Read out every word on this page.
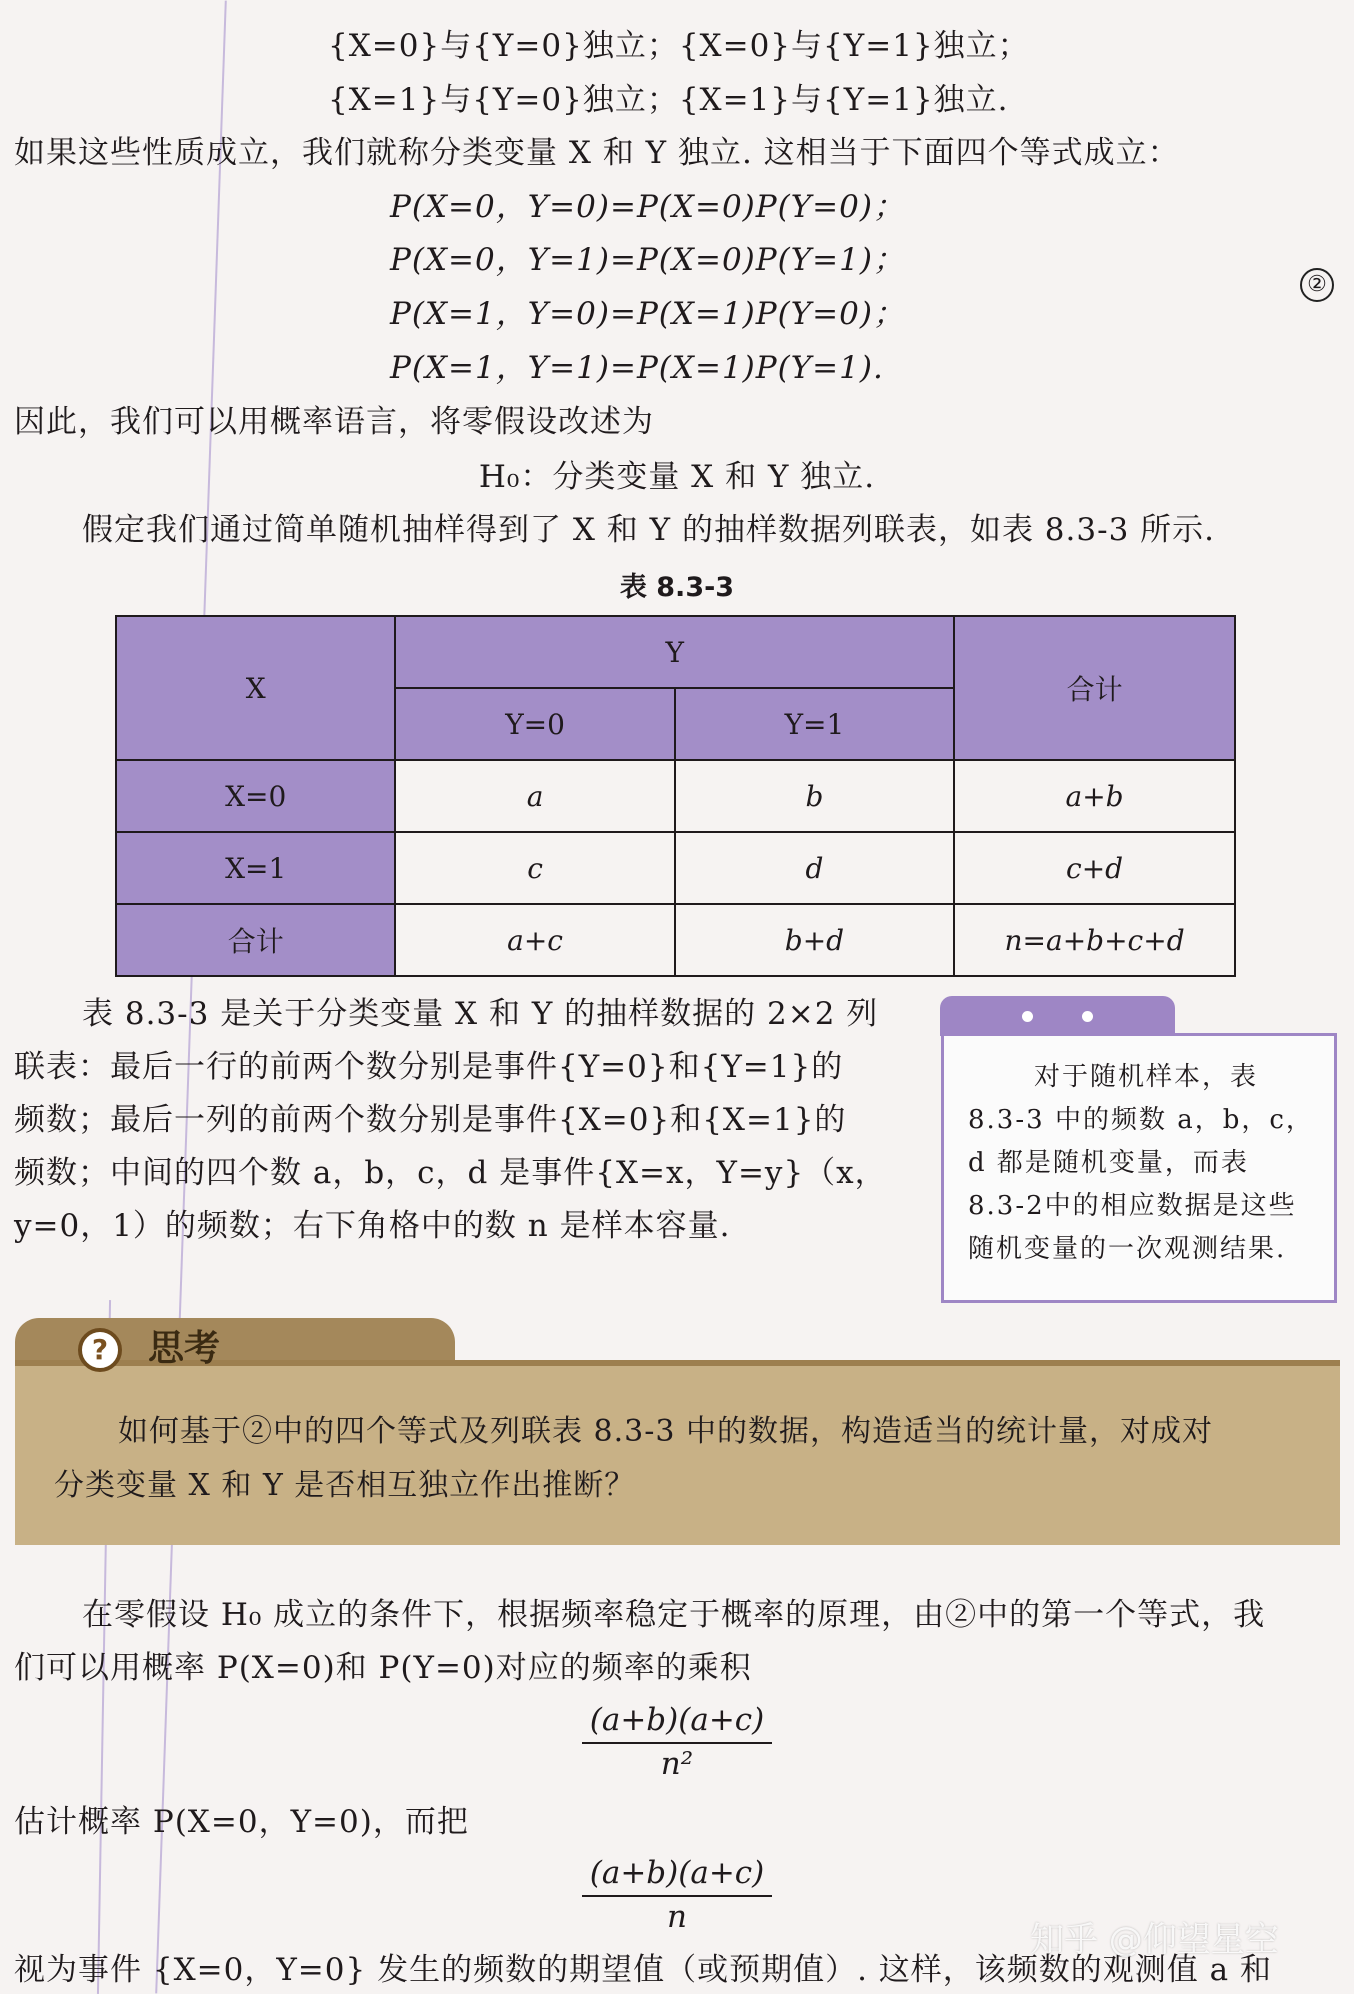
{X=0}与{Y=0}独立；{X=0}与{Y=1}独立；
{X=1}与{Y=0}独立；{X=1}与{Y=1}独立.
如果这些性质成立，我们就称分类变量 X 和 Y 独立. 这相当于下面四个等式成立：
P(X=0，Y=0)=P(X=0)P(Y=0)；
P(X=0，Y=1)=P(X=0)P(Y=1)；
P(X=1，Y=0)=P(X=1)P(Y=0)；
P(X=1，Y=1)=P(X=1)P(Y=1).
②
因此，我们可以用概率语言，将零假设改述为
H₀：分类变量 X 和 Y 独立.
假定我们通过简单随机抽样得到了 X 和 Y 的抽样数据列联表，如表 8.3-3 所示.
表 8.3-3
X	Y		合计
	Y=0	Y=1	
X=0	a	b	a+b
X=1	c	d	c+d
合计	a+c	b+d	n=a+b+c+d
表 8.3-3 是关于分类变量 X 和 Y 的抽样数据的 2×2 列
联表：最后一行的前两个数分别是事件{Y=0}和{Y=1}的
频数；最后一列的前两个数分别是事件{X=0}和{X=1}的
频数；中间的四个数 a，b，c，d 是事件{X=x，Y=y}（x，
y=0，1）的频数；右下角格中的数 n 是样本容量.
对于随机样本，表
8.3-3 中的频数 a，b，c，
d 都是随机变量，而表
8.3-2中的相应数据是这些
随机变量的一次观测结果.
?	思考
如何基于②中的四个等式及列联表 8.3-3 中的数据，构造适当的统计量，对成对
分类变量 X 和 Y 是否相互独立作出推断？
在零假设 H₀ 成立的条件下，根据频率稳定于概率的原理，由②中的第一个等式，我
们可以用概率 P(X=0)和 P(Y=0)对应的频率的乘积
$\frac{(a+b)(a+c)}{\text{n²}}$
估计概率 P(X=0，Y=0)，而把
$\frac{(a+b)(a+c)}{n}$
视为事件 {X=0，Y=0} 发生的频数的期望值（或预期值）. 这样，该频数的观测值 a 和
知乎 @仰望星空
